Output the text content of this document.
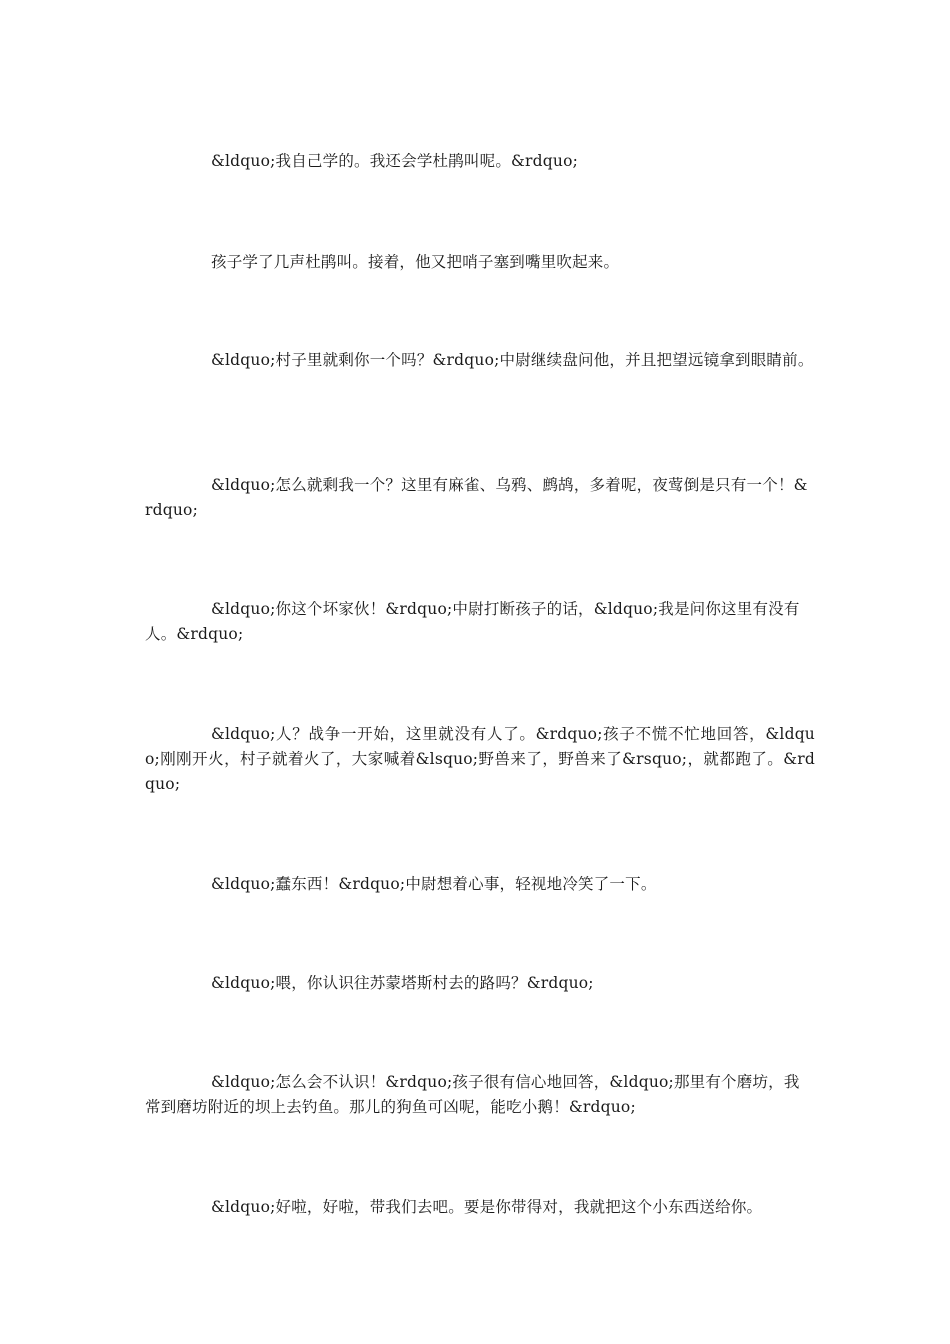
&ldquo;我自己学的。我还会学杜鹃叫呢。&rdquo;

孩子学了几声杜鹃叫。接着，他又把哨子塞到嘴里吹起来。

&ldquo;村子里就剩你一个吗？&rdquo;中尉继续盘问他，并且把望远镜拿到眼睛前。

&ldquo;怎么就剩我一个？这里有麻雀、乌鸦、鹧鸪，多着呢，夜莺倒是只有一个！&rdquo;

&ldquo;你这个坏家伙！&rdquo;中尉打断孩子的话，&ldquo;我是问你这里有没有人。&rdquo;

&ldquo;人？战争一开始，这里就没有人了。&rdquo;孩子不慌不忙地回答，&ldquo;刚刚开火，村子就着火了，大家喊着&lsquo;野兽来了，野兽来了&rsquo;，就都跑了。&rdquo;

&ldquo;蠢东西！&rdquo;中尉想着心事，轻视地冷笑了一下。

&ldquo;喂，你认识往苏蒙塔斯村去的路吗？&rdquo;

&ldquo;怎么会不认识！&rdquo;孩子很有信心地回答，&ldquo;那里有个磨坊，我常到磨坊附近的坝上去钓鱼。那儿的狗鱼可凶呢，能吃小鹅！&rdquo;

&ldquo;好啦，好啦，带我们去吧。要是你带得对，我就把这个小东西送给你。
